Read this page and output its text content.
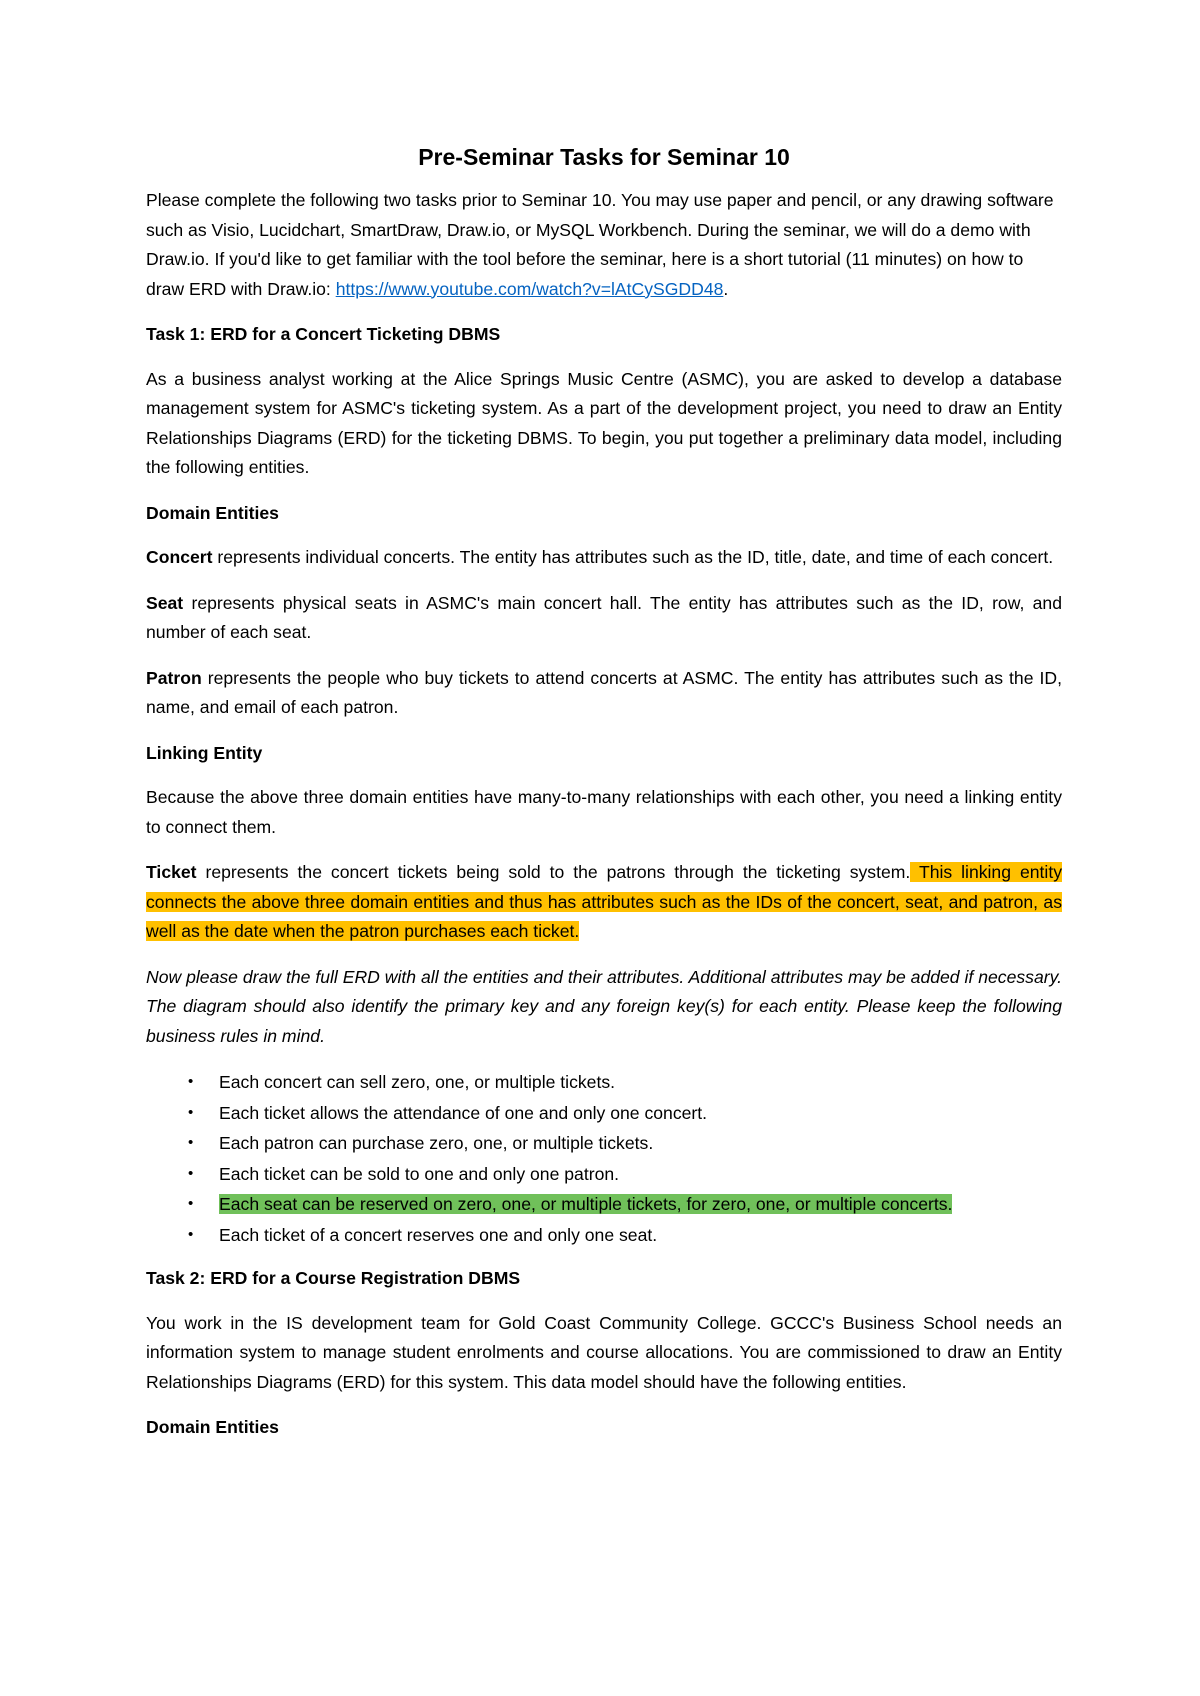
Pre-Seminar Tasks for Seminar 10

Please complete the following two tasks prior to Seminar 10. You may use paper and pencil, or any drawing software such as Visio, Lucidchart, SmartDraw, Draw.io, or MySQL Workbench. During the seminar, we will do a demo with Draw.io. If you'd like to get familiar with the tool before the seminar, here is a short tutorial (11 minutes) on how to draw ERD with Draw.io: https://www.youtube.com/watch?v=lAtCySGDD48.

Task 1: ERD for a Concert Ticketing DBMS

As a business analyst working at the Alice Springs Music Centre (ASMC), you are asked to develop a database management system for ASMC's ticketing system. As a part of the development project, you need to draw an Entity Relationships Diagrams (ERD) for the ticketing DBMS. To begin, you put together a preliminary data model, including the following entities.

Domain Entities

Concert represents individual concerts. The entity has attributes such as the ID, title, date, and time of each concert.

Seat represents physical seats in ASMC's main concert hall. The entity has attributes such as the ID, row, and number of each seat.

Patron represents the people who buy tickets to attend concerts at ASMC. The entity has attributes such as the ID, name, and email of each patron.

Linking Entity

Because the above three domain entities have many-to-many relationships with each other, you need a linking entity to connect them.

Ticket represents the concert tickets being sold to the patrons through the ticketing system. This linking entity connects the above three domain entities and thus has attributes such as the IDs of the concert, seat, and patron, as well as the date when the patron purchases each ticket.

Now please draw the full ERD with all the entities and their attributes. Additional attributes may be added if necessary. The diagram should also identify the primary key and any foreign key(s) for each entity. Please keep the following business rules in mind.

• Each concert can sell zero, one, or multiple tickets.
• Each ticket allows the attendance of one and only one concert.
• Each patron can purchase zero, one, or multiple tickets.
• Each ticket can be sold to one and only one patron.
• Each seat can be reserved on zero, one, or multiple tickets, for zero, one, or multiple concerts.
• Each ticket of a concert reserves one and only one seat.

Task 2: ERD for a Course Registration DBMS

You work in the IS development team for Gold Coast Community College. GCCC's Business School needs an information system to manage student enrolments and course allocations. You are commissioned to draw an Entity Relationships Diagrams (ERD) for this system. This data model should have the following entities.

Domain Entities
